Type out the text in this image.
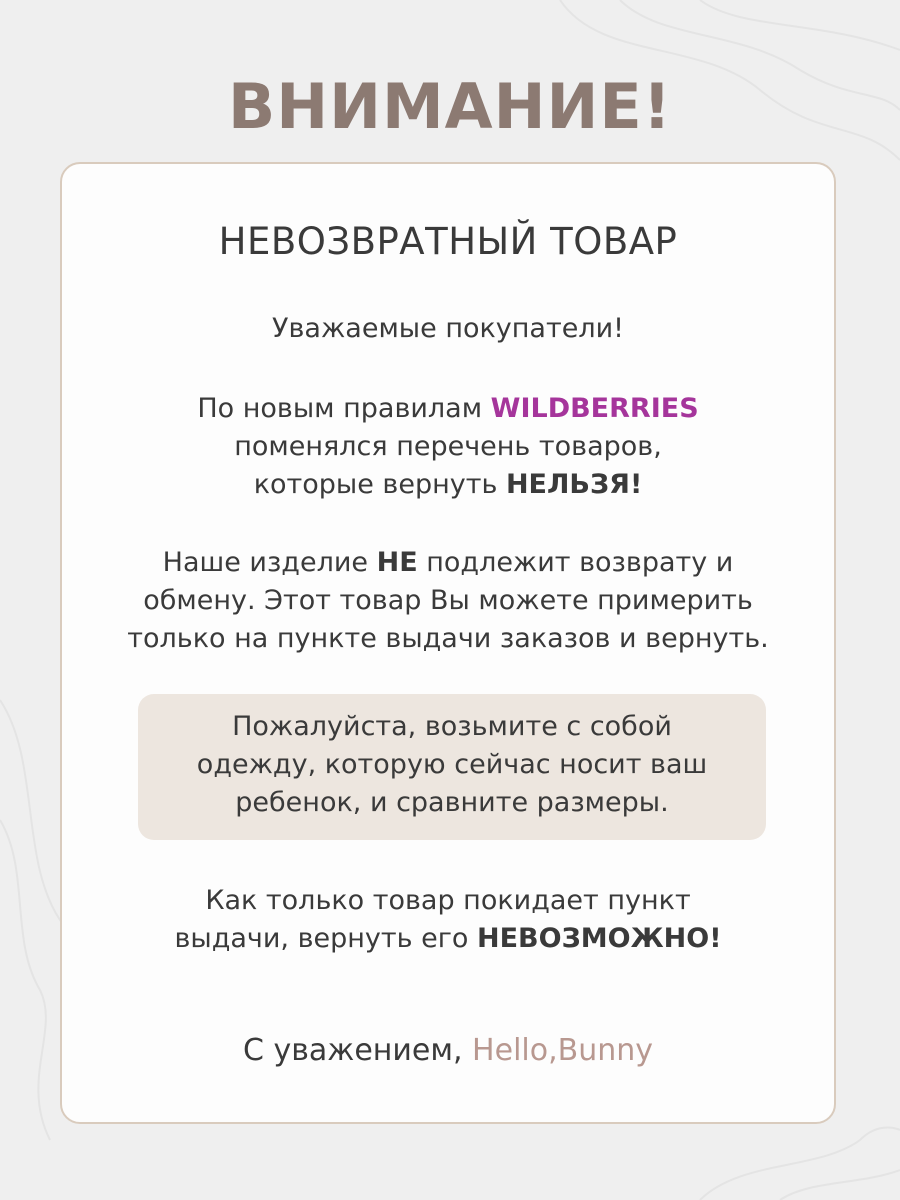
ВНИМАНИЕ!
НЕВОЗВРАТНЫЙ ТОВАР
Уважаемые покупатели!
По новым правилам WILDBERRIES
поменялся перечень товаров,
которые вернуть НЕЛЬЗЯ!
Наше изделие НЕ подлежит возврату и
обмену. Этот товар Вы можете примерить
только на пункте выдачи заказов и вернуть.
Пожалуйста, возьмите с собой
одежду, которую сейчас носит ваш
ребенок, и сравните размеры.
Как только товар покидает пункт
выдачи, вернуть его НЕВОЗМОЖНО!
С уважением, Hello,Bunny
